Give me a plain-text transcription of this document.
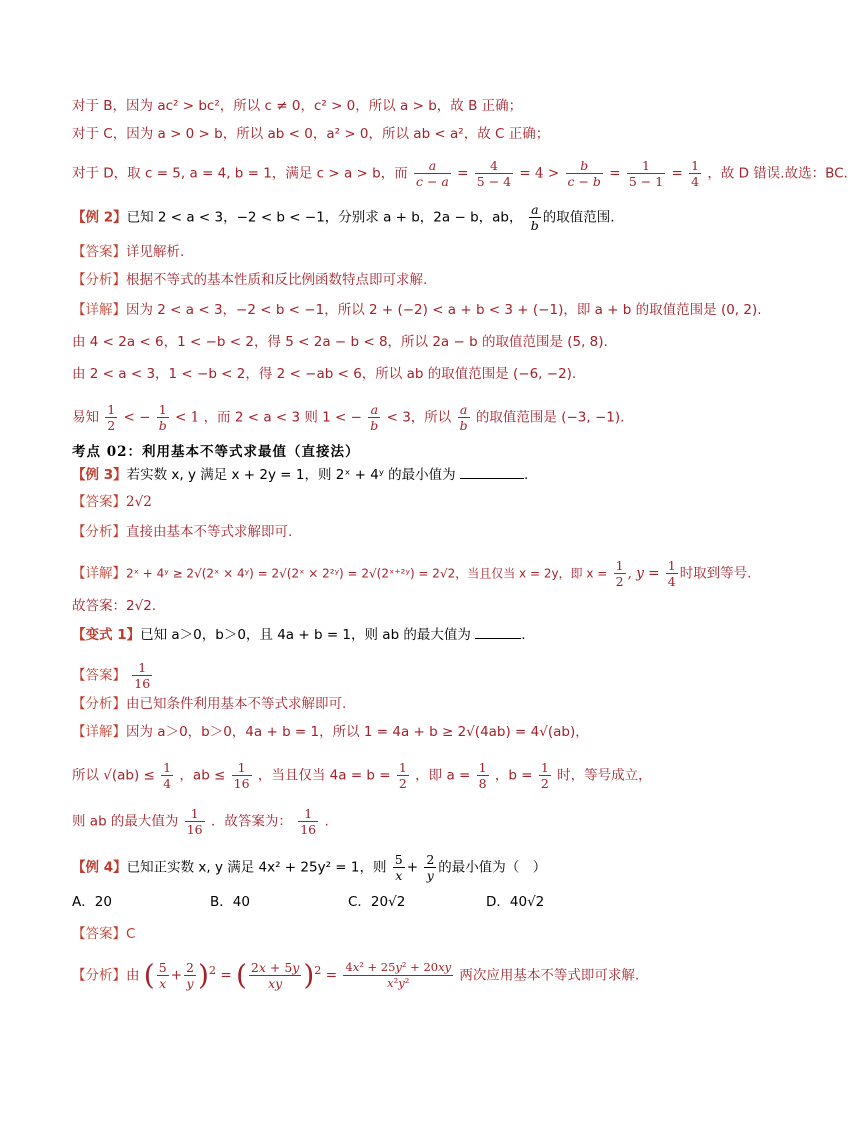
对于 B，因为 ac² > bc²，所以 c ≠ 0，c² > 0，所以 a > b，故 B 正确；
对于 C，因为 a > 0 > b，所以 ab < 0，a² > 0，所以 ab < a²，故 C 正确；
对于 D，取 c = 5, a = 4, b = 1，满足 c > a > b，而 $\frac{a}{c - a} = \frac{4}{5 - 4} = 4 > \frac{b}{c - b} = \frac{1}{5 - 1} = \frac{1}{4}$ ，故 D 错误.故选：BC.
【例 2】已知 2 < a < 3，−2 < b < −1，分别求 a + b，2a − b，ab， $\frac{a}{b}$ 的取值范围.
【答案】详见解析.
【分析】根据不等式的基本性质和反比例函数特点即可求解.
【详解】因为 2 < a < 3，−2 < b < −1，所以 2 + (−2) < a + b < 3 + (−1)，即 a + b 的取值范围是 (0, 2).
由 4 < 2a < 6，1 < −b < 2，得 5 < 2a − b < 8，所以 2a − b 的取值范围是 (5, 8).
由 2 < a < 3，1 < −b < 2，得 2 < −ab < 6，所以 ab 的取值范围是 (−6, −2).
易知 $\frac{1}{2}$ < − $\frac{1}{b} < 1$ ，而 2 < a < 3 则 1 < − $\frac{a}{b} < 3$，所以 $\frac{a}{b}$ 的取值范围是 (−3, −1).
考点 02：利用基本不等式求最值（直接法）
【例 3】若实数 x, y 满足 x + 2y = 1，则 2ˣ + 4ʸ 的最小值为	.
【答案】2√2
【分析】直接由基本不等式求解即可.
【详解】2ˣ + 4ʸ ≥ 2√(2ˣ × 4ʸ) = 2√(2ˣ × 2²ʸ) = 2√(2ˣ⁺²ʸ) = 2√2，当且仅当 x = 2y，即 $x = \frac{1}{2}$ , $y = \frac{1}{4}$ 时取到等号.
故答案：2√2.
【变式 1】已知 a＞0，b＞0，且 4a + b = 1，则 ab 的最大值为	.
【答案】 $\frac{1}{16}$
【分析】由已知条件利用基本不等式求解即可.
【详解】因为 a＞0，b＞0，4a + b = 1，所以 1 = 4a + b ≥ 2√(4ab) = 4√(ab)，
所以 $√(ab) \le \frac{1}{4}$ ，ab ≤ $\frac{1}{16}$ ，当且仅当 $4a = b = \frac{1}{2}$ ，即 $a = \frac{1}{8}$ ，$b = \frac{1}{2}$ 时，等号成立，
则 ab 的最大值为 $\frac{1}{16}$ ．故答案为： $\frac{1}{16}$ .
【例 4】已知正实数 x, y 满足 4x² + 25y² = 1，则 $\frac{5}{x} + \frac{2}{y}$ 的最小值为（　）
A．20	B．40	C．20√2	D．40√2
【答案】C
【分析】由 ( $\frac{5}{x} + \frac{2}{y} )^2$ = ( $\frac{2x + 5y}{xy} )^2 = \frac{\text{4x² + 25y² + 20xy}}{\text{x²y²}}$ 两次应用基本不等式即可求解.
